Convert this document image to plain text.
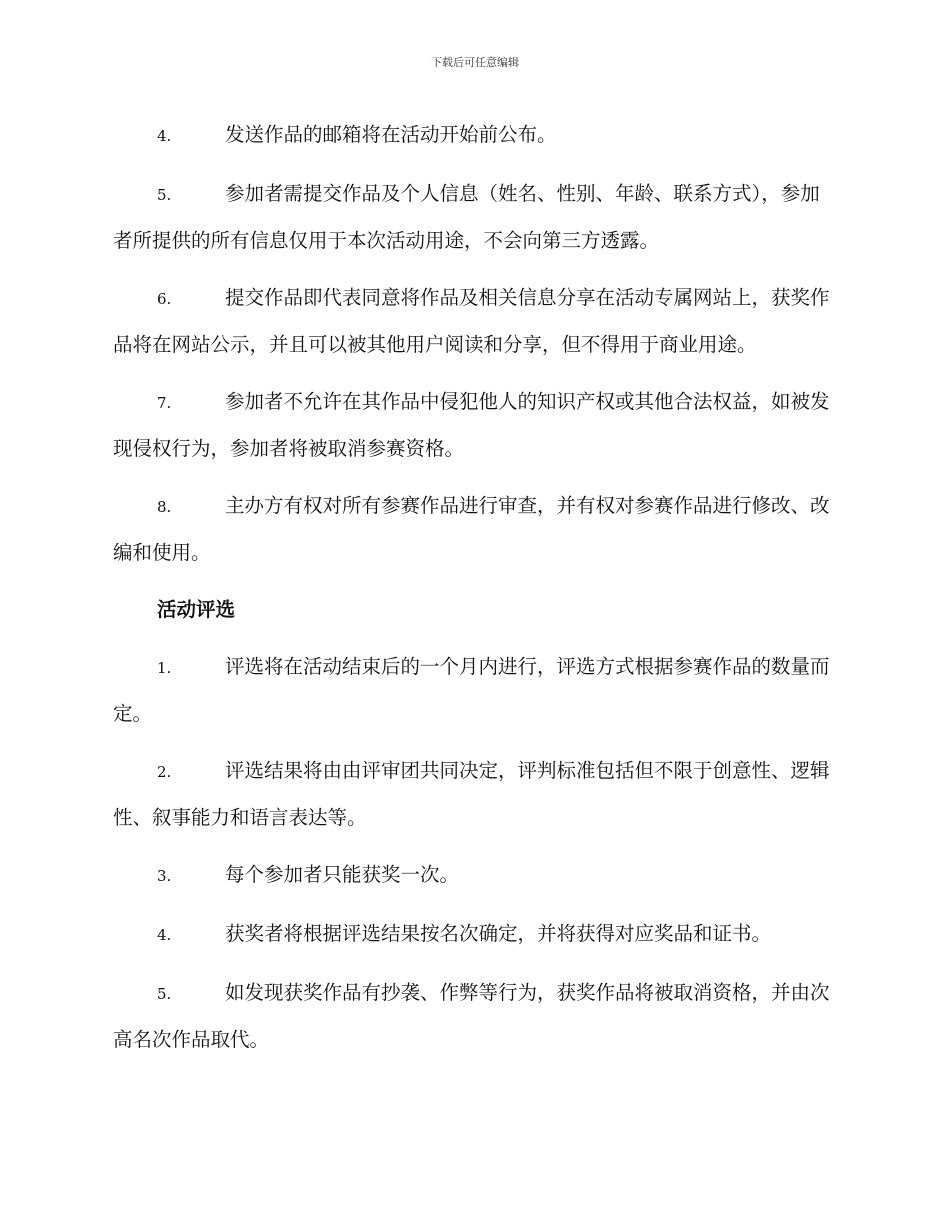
下载后可任意编辑

4.	发送作品的邮箱将在活动开始前公布。

5.	参加者需提交作品及个人信息（姓名、性别、年龄、联系方式），参加者所提供的所有信息仅用于本次活动用途，不会向第三方透露。

6.	提交作品即代表同意将作品及相关信息分享在活动专属网站上，获奖作品将在网站公示，并且可以被其他用户阅读和分享，但不得用于商业用途。

7.	参加者不允许在其作品中侵犯他人的知识产权或其他合法权益，如被发现侵权行为，参加者将被取消参赛资格。

8.	主办方有权对所有参赛作品进行审查，并有权对参赛作品进行修改、改编和使用。

活动评选

1.	评选将在活动结束后的一个月内进行，评选方式根据参赛作品的数量而定。

2.	评选结果将由由评审团共同决定，评判标准包括但不限于创意性、逻辑性、叙事能力和语言表达等。

3.	每个参加者只能获奖一次。

4.	获奖者将根据评选结果按名次确定，并将获得对应奖品和证书。

5.	如发现获奖作品有抄袭、作弊等行为，获奖作品将被取消资格，并由次高名次作品取代。
